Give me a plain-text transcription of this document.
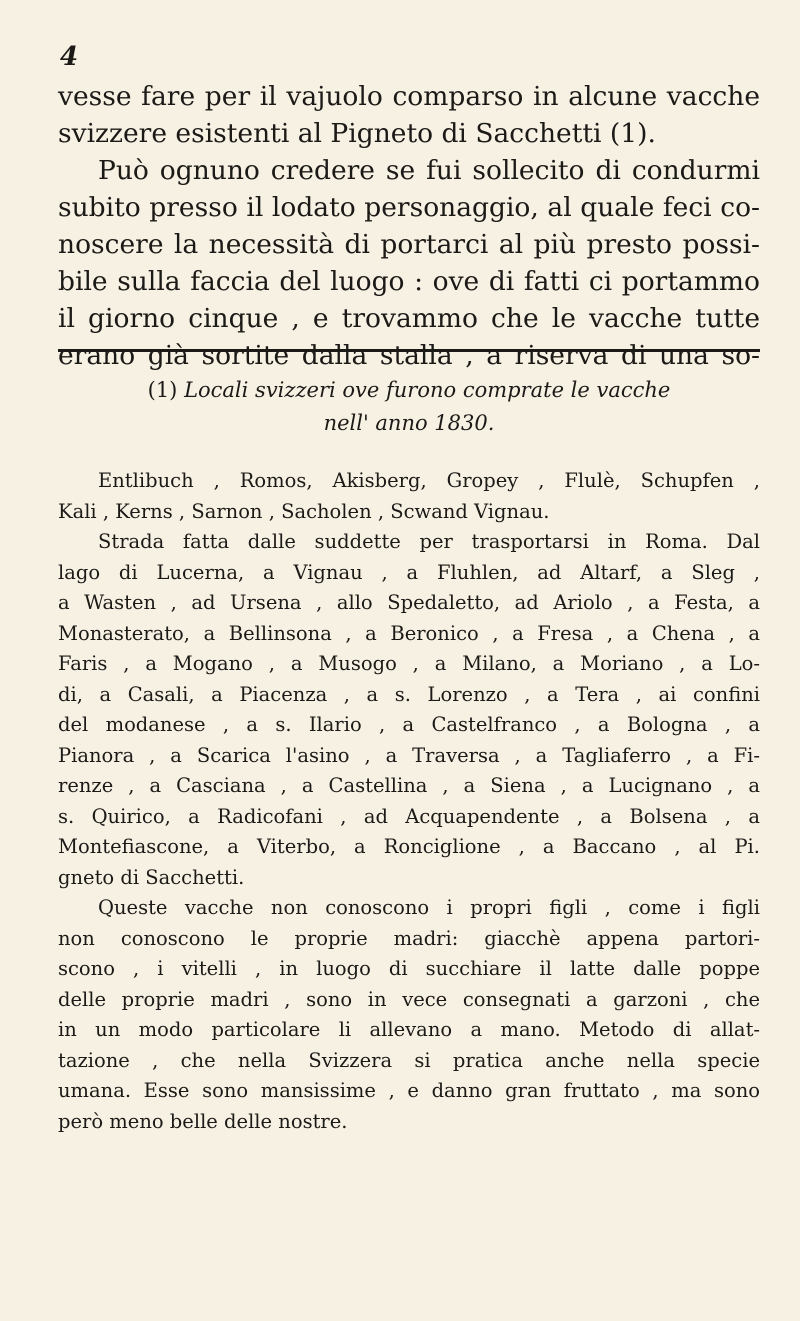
4
vesse fare per il vajuolo comparso in alcune vacche
svizzere esistenti al Pigneto di Sacchetti (1).
Può ognuno credere se fui sollecito di condurmi
subito presso il lodato personaggio, al quale feci co-
noscere la necessità di portarci al più presto possi-
bile sulla faccia del luogo : ove di fatti ci portammo
il giorno cinque , e trovammo che le vacche tutte
erano già sortite dalla stalla , a riserva di una so-
(1) Locali svizzeri ove furono comprate le vacche
nell' anno 1830.
Entlibuch , Romos, Akisberg, Gropey , Flulè, Schupfen ,
Kali , Kerns , Sarnon , Sacholen , Scwand Vignau.
Strada fatta dalle suddette per trasportarsi in Roma. Dal
lago di Lucerna, a Vignau , a Fluhlen, ad Altarf, a Sleg ,
a Wasten , ad Ursena , allo Spedaletto, ad Ariolo , a Festa, a
Monasterato, a Bellinsona , a Beronico , a Fresa , a Chena , a
Faris , a Mogano , a Musogo , a Milano, a Moriano , a Lo-
di, a Casali, a Piacenza , a s. Lorenzo , a Tera , ai confini
del modanese , a s. Ilario , a Castelfranco , a Bologna , a
Pianora , a Scarica l'asino , a Traversa , a Tagliaferro , a Fi-
renze , a Casciana , a Castellina , a Siena , a Lucignano , a
s. Quirico, a Radicofani , ad Acquapendente , a Bolsena , a
Montefiascone, a Viterbo, a Ronciglione , a Baccano , al Pi.
gneto di Sacchetti.
Queste vacche non conoscono i propri figli , come i figli
non conoscono le proprie madri: giacchè appena partori-
scono , i vitelli , in luogo di succhiare il latte dalle poppe
delle proprie madri , sono in vece consegnati a garzoni , che
in un modo particolare li allevano a mano. Metodo di allat-
tazione , che nella Svizzera si pratica anche nella specie
umana. Esse sono mansissime , e danno gran fruttato , ma sono
però meno belle delle nostre.
